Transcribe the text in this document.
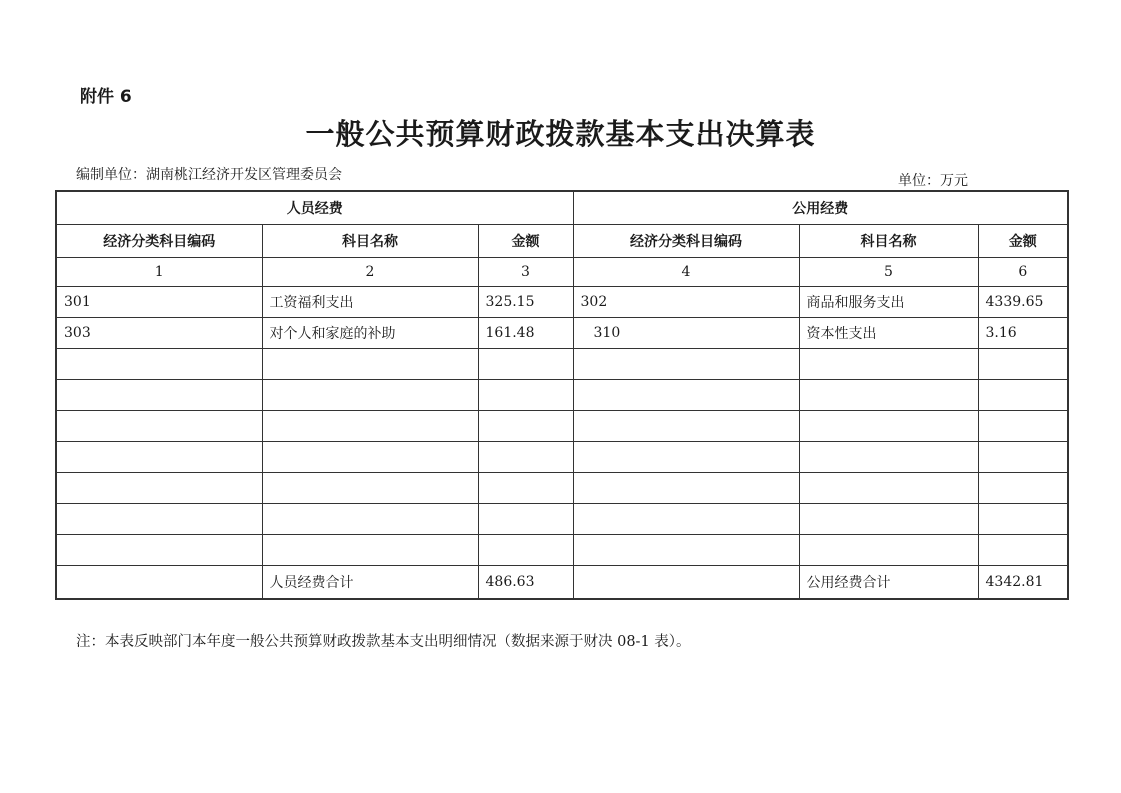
附件 6
一般公共预算财政拨款基本支出决算表
编制单位：湖南桃江经济开发区管理委员会	单位：万元
人员经费			公用经费		
经济分类科目编码	科目名称	金额	经济分类科目编码	科目名称	金额
1	2	3	4	5	6
301	工资福利支出	325.15	302	商品和服务支出	4339.65
303	对个人和家庭的补助	161.48	310	资本性支出	3.16

	人员经费合计	486.63		公用经费合计	4342.81
注：本表反映部门本年度一般公共预算财政拨款基本支出明细情况（数据来源于财决 08-1 表）。
